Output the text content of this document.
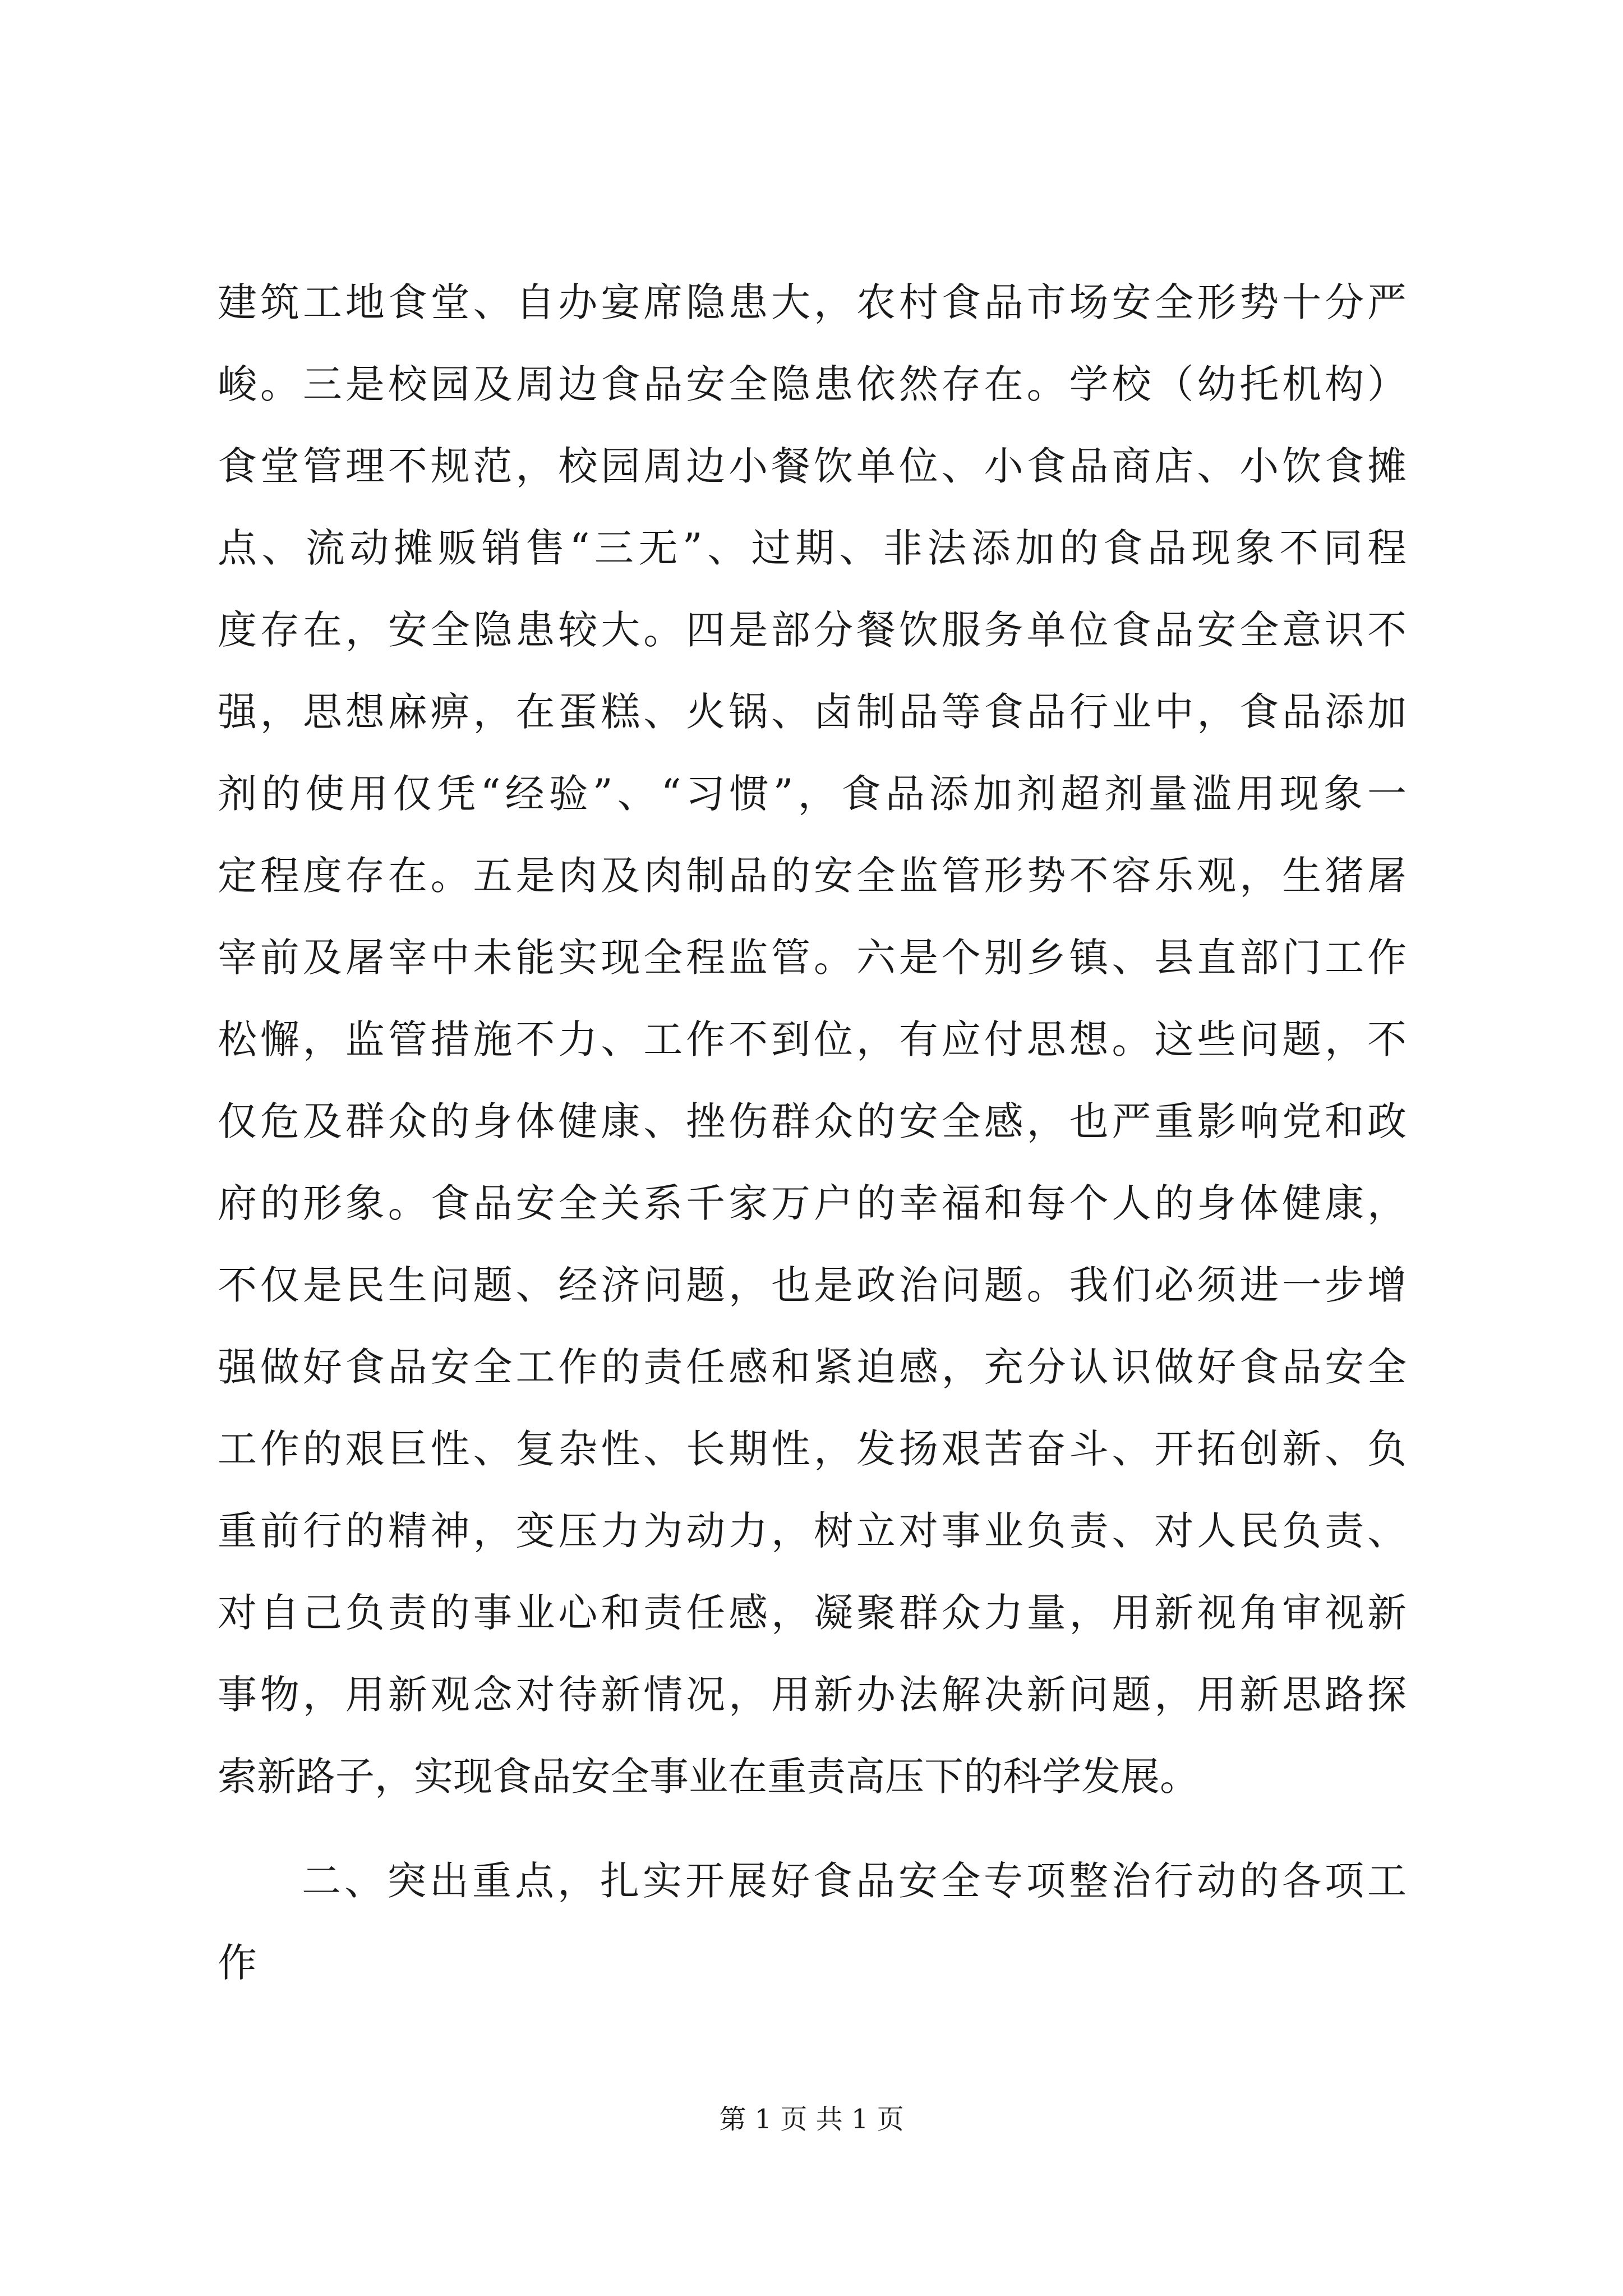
建筑工地食堂、自办宴席隐患大，农村食品市场安全形势十分严
峻。三是校园及周边食品安全隐患依然存在。学校（幼托机构）
食堂管理不规范，校园周边小餐饮单位、小食品商店、小饮食摊
点、流动摊贩销售“三无”、过期、非法添加的食品现象不同程
度存在，安全隐患较大。四是部分餐饮服务单位食品安全意识不
强，思想麻痹，在蛋糕、火锅、卤制品等食品行业中，食品添加
剂的使用仅凭“经验”、“习惯”，食品添加剂超剂量滥用现象一
定程度存在。五是肉及肉制品的安全监管形势不容乐观，生猪屠
宰前及屠宰中未能实现全程监管。六是个别乡镇、县直部门工作
松懈，监管措施不力、工作不到位，有应付思想。这些问题，不
仅危及群众的身体健康、挫伤群众的安全感，也严重影响党和政
府的形象。食品安全关系千家万户的幸福和每个人的身体健康，
不仅是民生问题、经济问题，也是政治问题。我们必须进一步增
强做好食品安全工作的责任感和紧迫感，充分认识做好食品安全
工作的艰巨性、复杂性、长期性，发扬艰苦奋斗、开拓创新、负
重前行的精神，变压力为动力，树立对事业负责、对人民负责、
对自己负责的事业心和责任感，凝聚群众力量，用新视角审视新
事物，用新观念对待新情况，用新办法解决新问题，用新思路探
索新路子，实现食品安全事业在重责高压下的科学发展。
二、突出重点，扎实开展好食品安全专项整治行动的各项工
作
第 1 页 共 1 页
